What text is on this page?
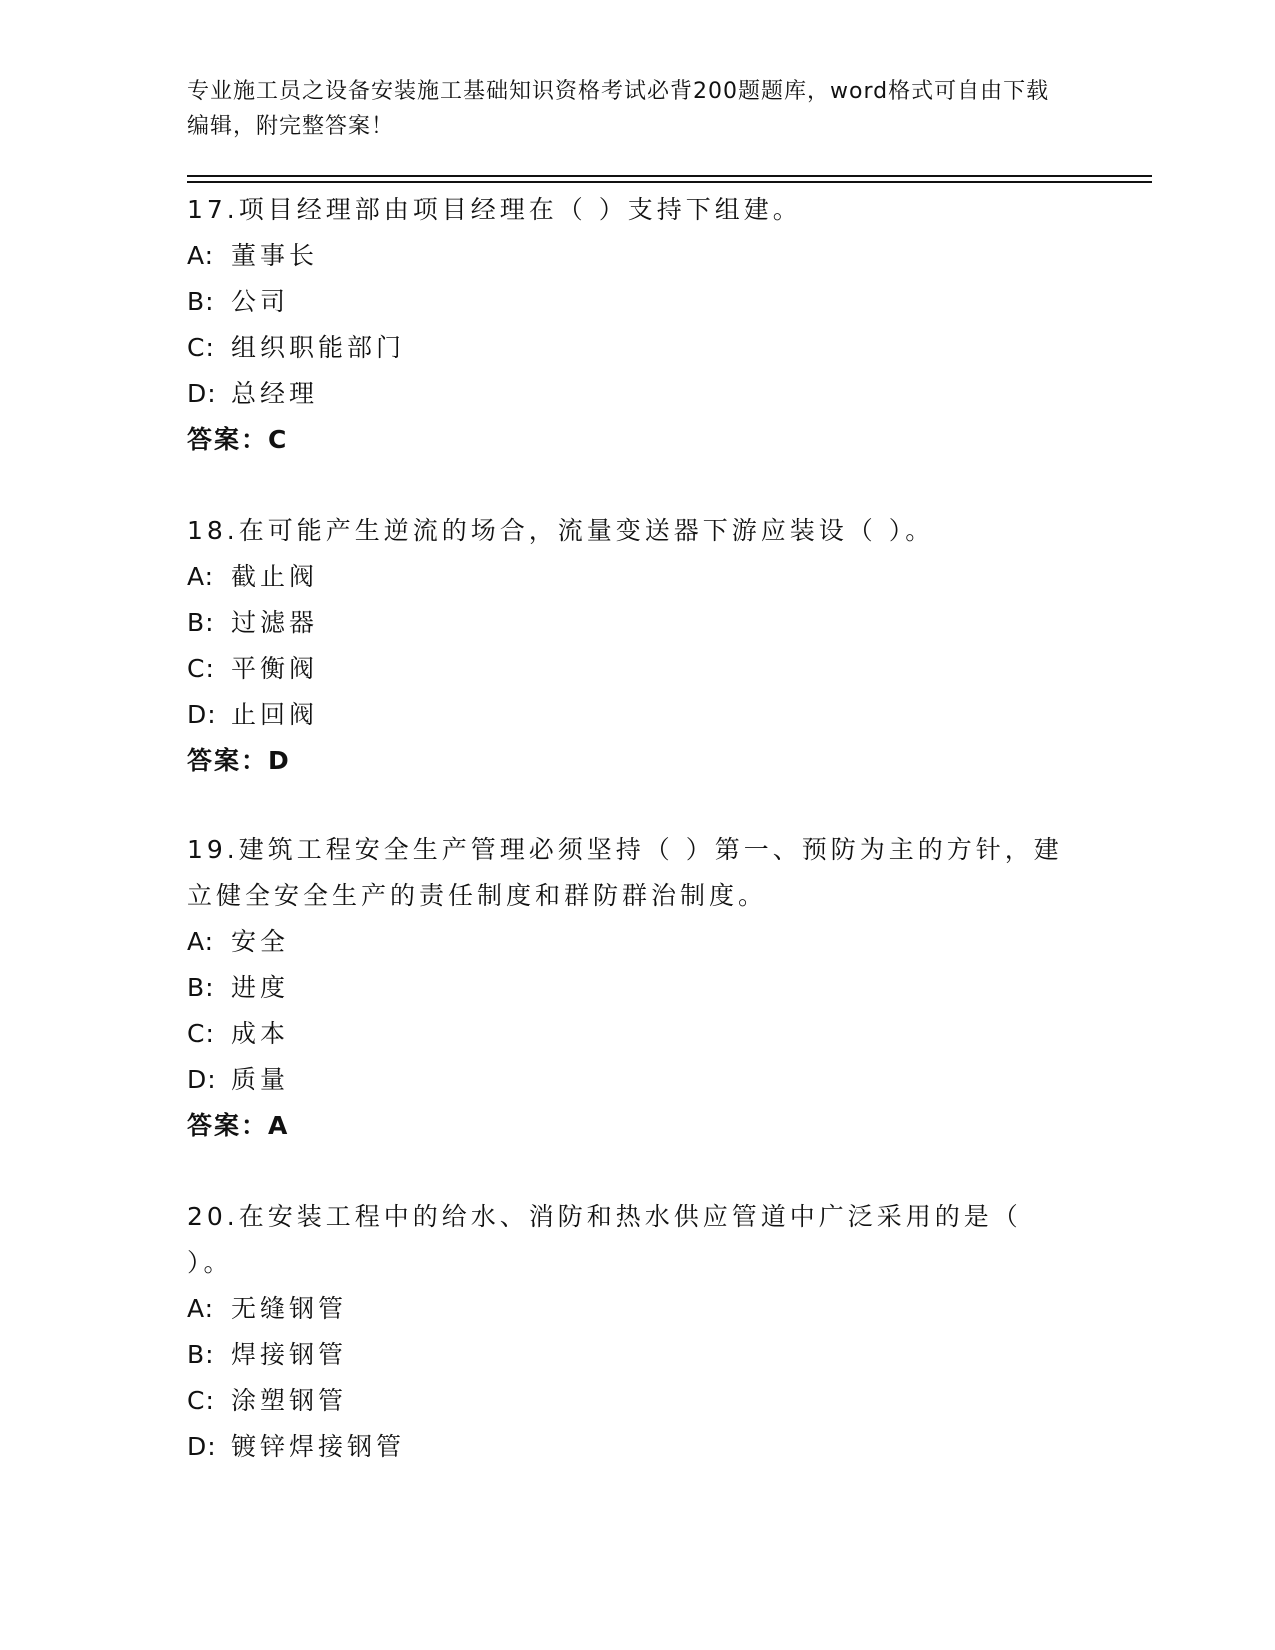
专业施工员之设备安装施工基础知识资格考试必背200题题库，word格式可自由下载编辑，附完整答案！

17.项目经理部由项目经理在（ ）支持下组建。

A: 董事长

B: 公司

C: 组织职能部门

D: 总经理

答案：C

18.在可能产生逆流的场合，流量变送器下游应装设（ ）。

A: 截止阀

B: 过滤器

C: 平衡阀

D: 止回阀

答案：D

19.建筑工程安全生产管理必须坚持（ ）第一、预防为主的方针，建立健全安全生产的责任制度和群防群治制度。

A: 安全

B: 进度

C: 成本

D: 质量

答案：A

20.在安装工程中的给水、消防和热水供应管道中广泛采用的是（ ）。

A: 无缝钢管

B: 焊接钢管

C: 涂塑钢管

D: 镀锌焊接钢管
